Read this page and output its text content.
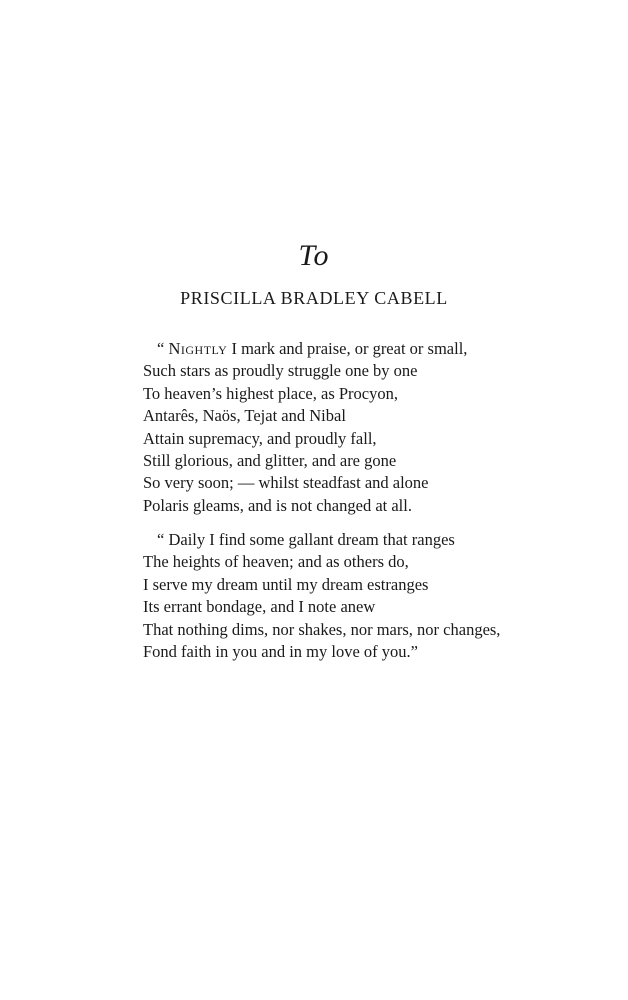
To
PRISCILLA BRADLEY CABELL
“ Nightly I mark and praise, or great or small,
Such stars as proudly struggle one by one
To heaven’s highest place, as Procyon,
Antarês, Naös, Tejat and Nibal
Attain supremacy, and proudly fall,
Still glorious, and glitter, and are gone
So very soon; — whilst steadfast and alone
Polaris gleams, and is not changed at all.
“ Daily I find some gallant dream that ranges
The heights of heaven; and as others do,
I serve my dream until my dream estranges
Its errant bondage, and I note anew
That nothing dims, nor shakes, nor mars, nor changes,
Fond faith in you and in my love of you.”
